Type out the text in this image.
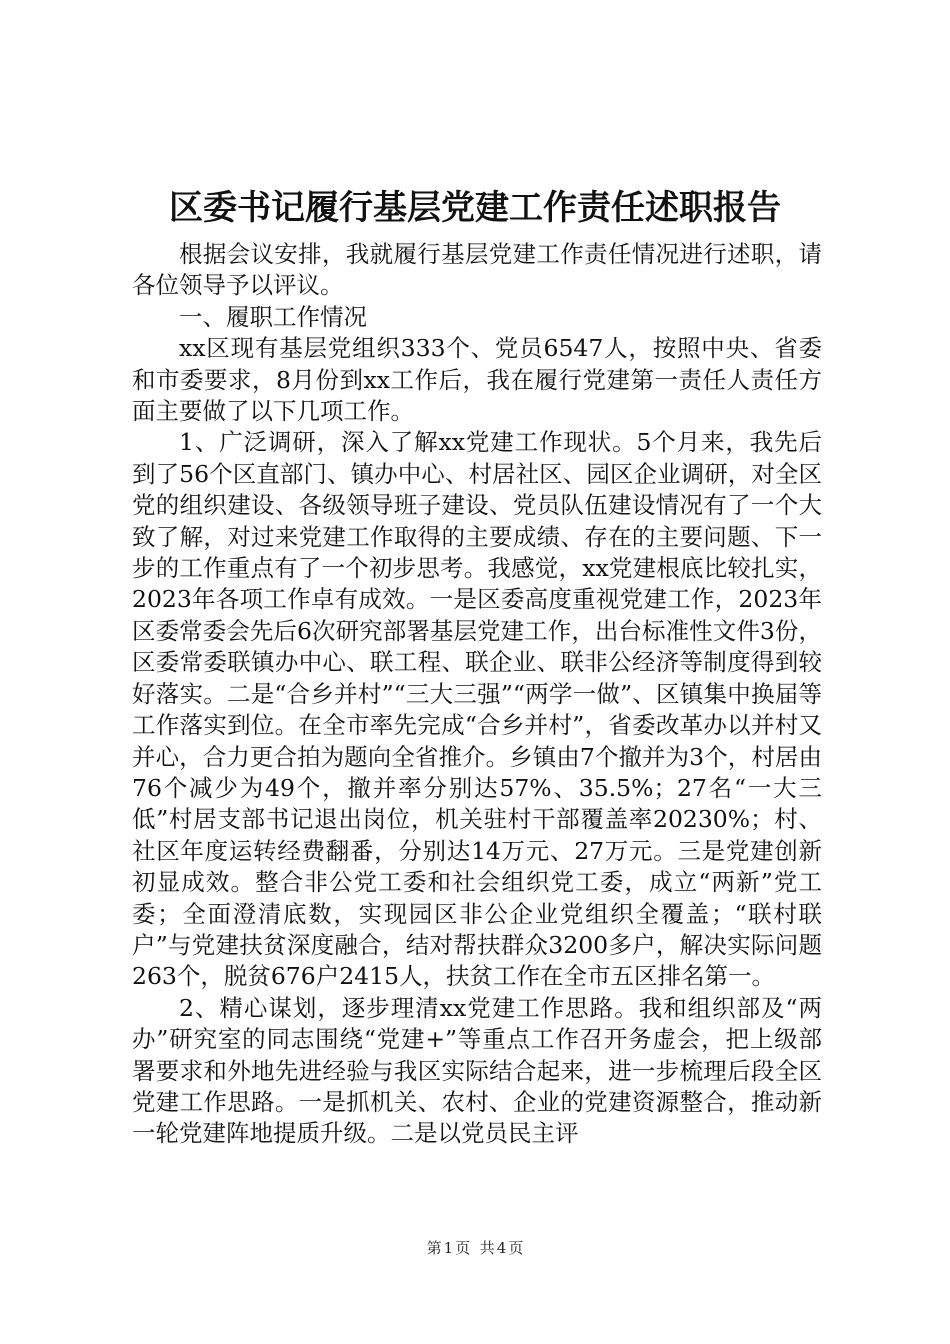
区委书记履行基层党建工作责任述职报告

根据会议安排，我就履行基层党建工作责任情况进行述职，请各位领导予以评议。

一、履职工作情况

xx区现有基层党组织333个、党员6547人，按照中央、省委和市委要求，8月份到xx工作后，我在履行党建第一责任人责任方面主要做了以下几项工作。

1、广泛调研，深入了解xx党建工作现状。5个月来，我先后到了56个区直部门、镇办中心、村居社区、园区企业调研，对全区党的组织建设、各级领导班子建设、党员队伍建设情况有了一个大致了解，对过来党建工作取得的主要成绩、存在的主要问题、下一步的工作重点有了一个初步思考。我感觉，xx党建根底比较扎实，2023年各项工作卓有成效。一是区委高度重视党建工作，2023年区委常委会先后6次研究部署基层党建工作，出台标准性文件3份，区委常委联镇办中心、联工程、联企业、联非公经济等制度得到较好落实。二是“合乡并村”“三大三强”“两学一做”、区镇集中换届等工作落实到位。在全市率先完成“合乡并村”，省委改革办以并村又并心，合力更合拍为题向全省推介。乡镇由7个撤并为3个，村居由76个减少为49个，撤并率分别达57%、35.5%；27名“一大三低”村居支部书记退出岗位，机关驻村干部覆盖率20230%；村、社区年度运转经费翻番，分别达14万元、27万元。三是党建创新初显成效。整合非公党工委和社会组织党工委，成立“两新”党工委；全面澄清底数，实现园区非公企业党组织全覆盖；“联村联户”与党建扶贫深度融合，结对帮扶群众3200多户，解决实际问题263个，脱贫676户2415人，扶贫工作在全市五区排名第一。

2、精心谋划，逐步理清xx党建工作思路。我和组织部及“两办”研究室的同志围绕“党建+”等重点工作召开务虚会，把上级部署要求和外地先进经验与我区实际结合起来，进一步梳理后段全区党建工作思路。一是抓机关、农村、企业的党建资源整合，推动新一轮党建阵地提质升级。二是以党员民主评

第 1 页  共 4 页
